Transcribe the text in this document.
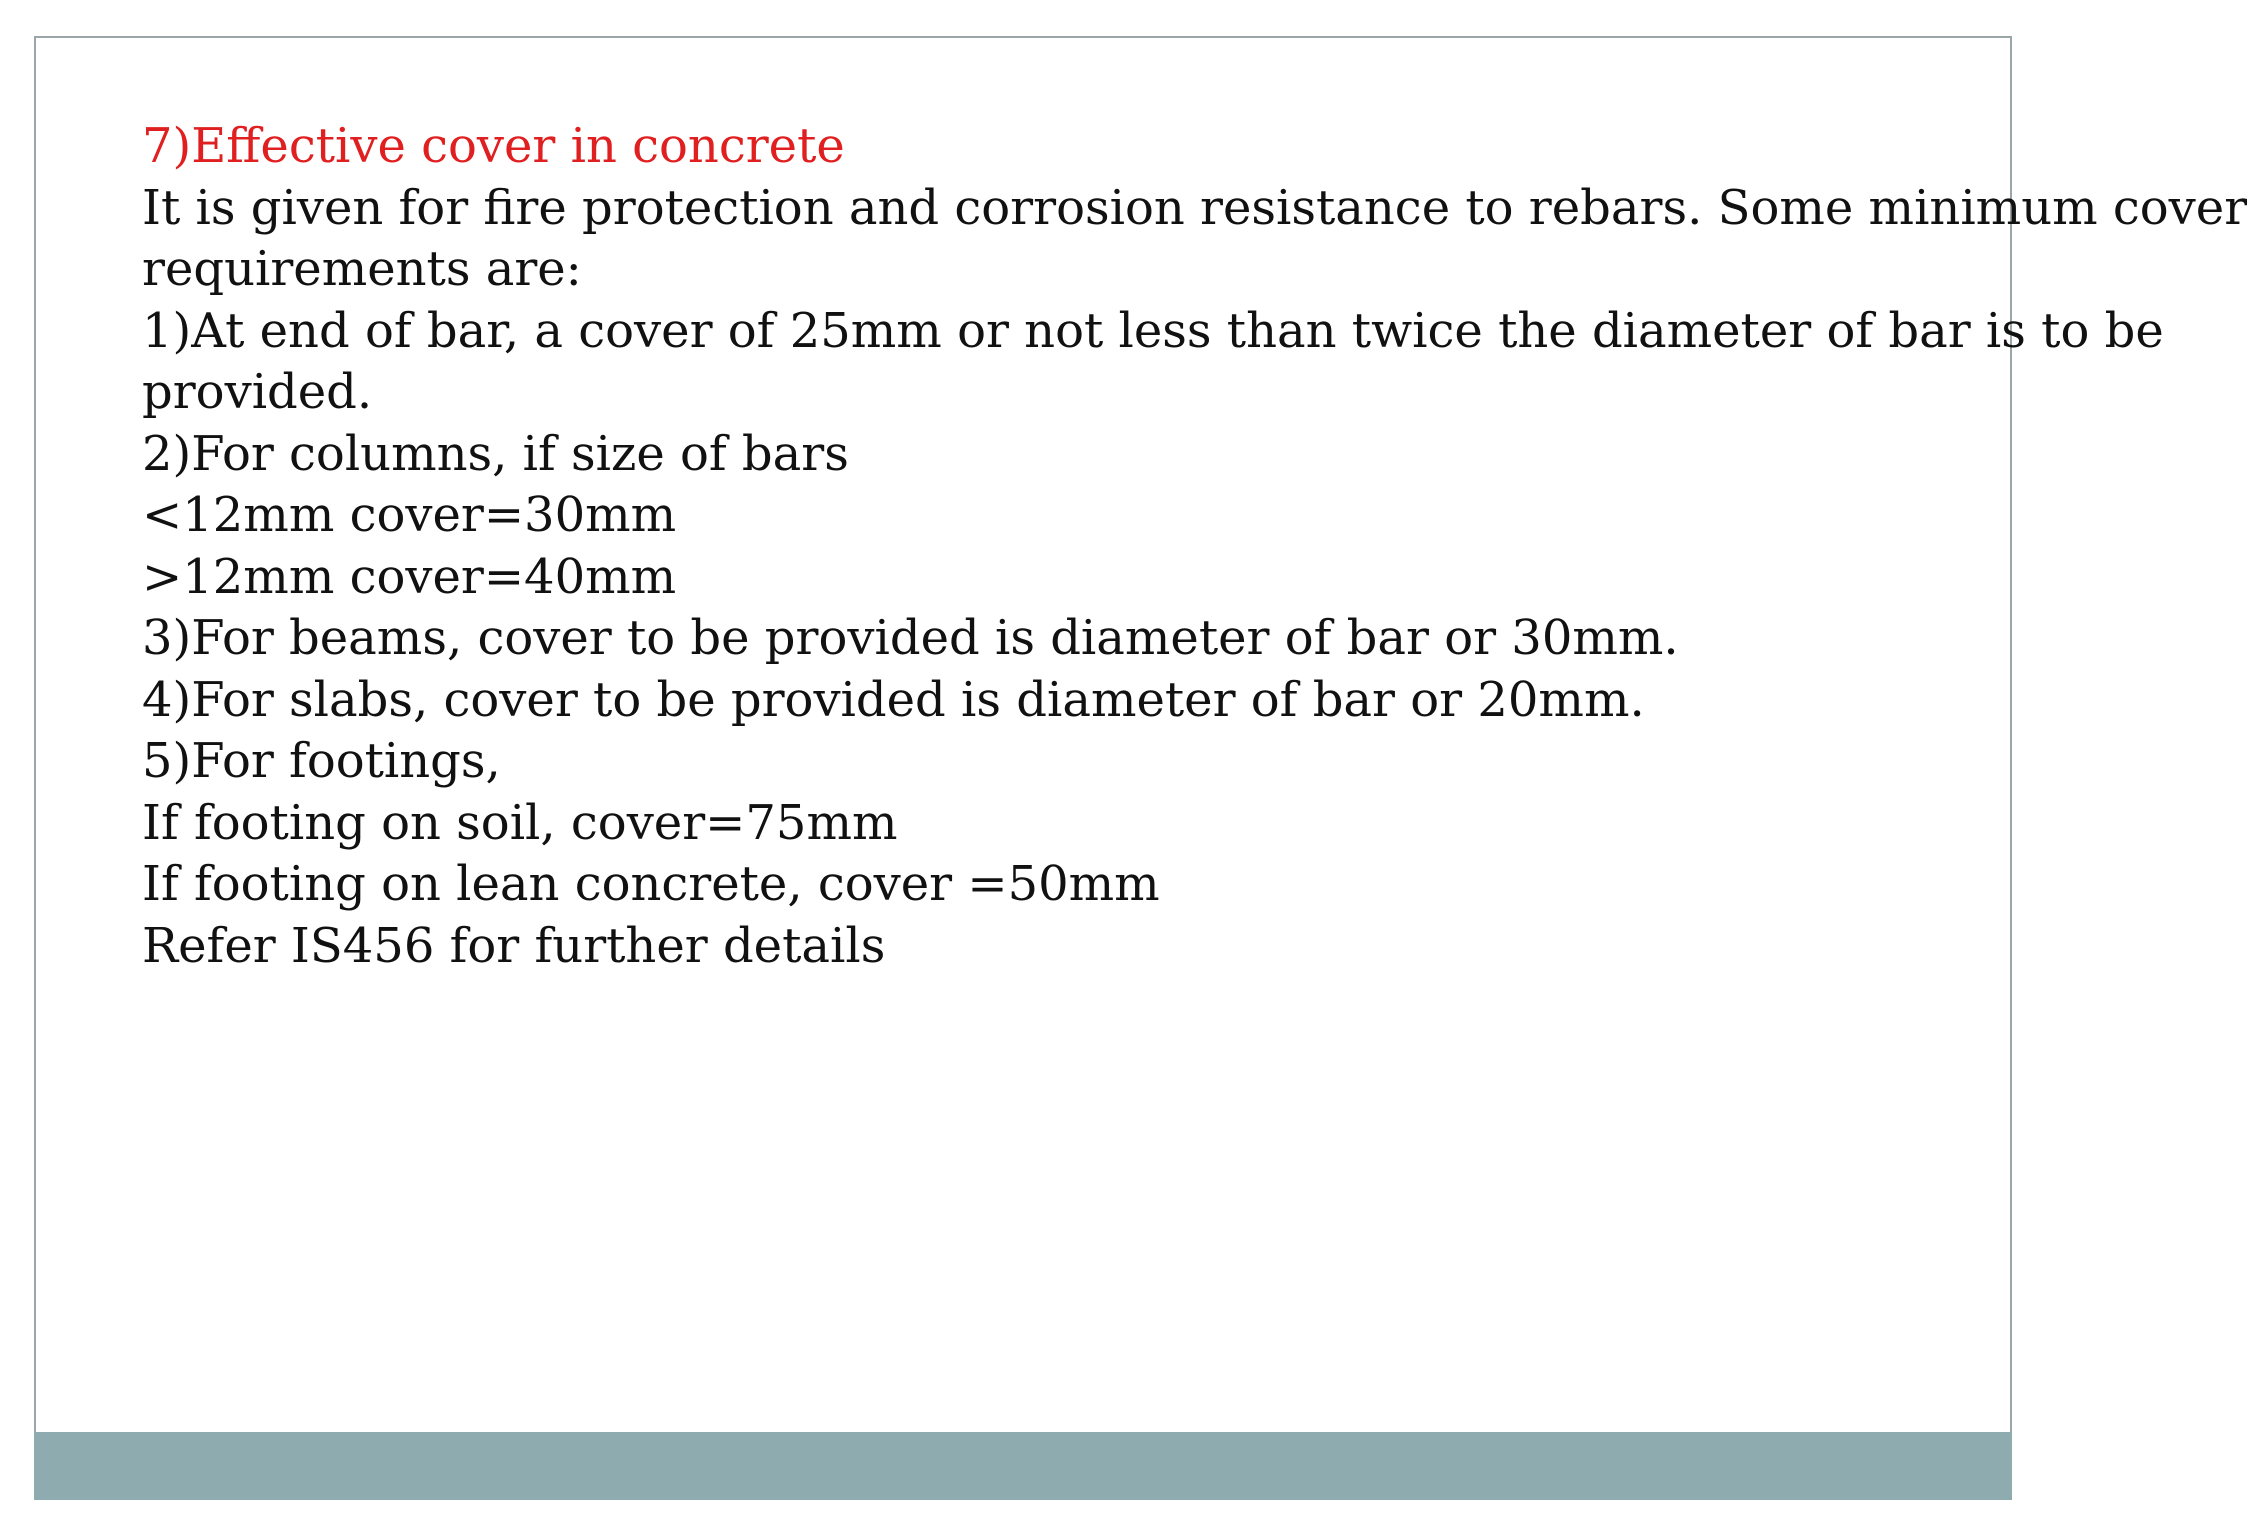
7)Effective cover in concrete

It is given for fire protection and corrosion resistance to rebars. Some minimum cover

requirements are:

1)At end of bar, a cover of 25mm or not less than twice the diameter of bar is to be

provided.

2)For columns, if size of bars

<12mm cover=30mm

>12mm cover=40mm

3)For beams, cover to be provided is diameter of bar or 30mm.

4)For slabs, cover to be provided is diameter of bar or 20mm.

5)For footings,

If footing on soil, cover=75mm

If footing on lean concrete, cover =50mm

Refer IS456 for further details
